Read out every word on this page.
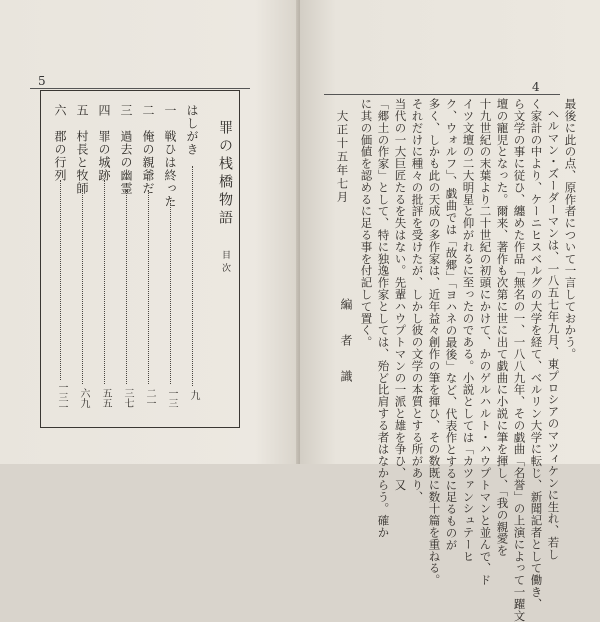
5
罪の桟橋物語 目次
はしがき
九
一　戦ひは終った
一三
二　俺の親爺だ
二一
三　過去の幽霊
三七
四　罪の城跡
五五
五　村長と牧師
六九
六　郡の行列
一三一
4
最後に此の点、原作者について一言しておかう。
ヘルマン・ズーダーマンは、一八五七年九月、東プロシアのマツィケンに生れ、若し
く家計の中より、ケーニヒスベルグの大学を経て、ベルリン大学に転じ、新聞記者として働き、
ら文学の事に従ひ、纏めた作品「無名の一、一八八九年、その戯曲「名誉」の上演によって一躍文
壇の寵児となった。爾来、著作も次第に世に出て戯曲に小説に筆を揮し、「我の親愛を
十九世紀の末葉より二十世紀の初頭にかけて、かのゲルハルト・ハウプトマンと並んで、ド
イツ文壇の二大明星と仰がれるに至ったのである。小説としては「カツァンシュテーヒ
ク、ウォルフ」、戯曲では「故郷」「ヨハネの最後」など、代表作とするに足るものが
多く、しかも此の天成の多作家は、近年益々創作の筆を揮ひ、その数既に数十篇を重ねる。
それだけに種々の批評を受けたが、しかし彼の文学の本質とする所があり、
当代の一大巨匠たるを失はない。先輩ハウプトマンの一派と雄を争ひ、又
「郷土の作家」として、特に独逸作家としては、殆ど比肩する者はなからう。確か
に其の価値を認めるに足る事を付記して置く。
大正十五年七月
編　者　識
